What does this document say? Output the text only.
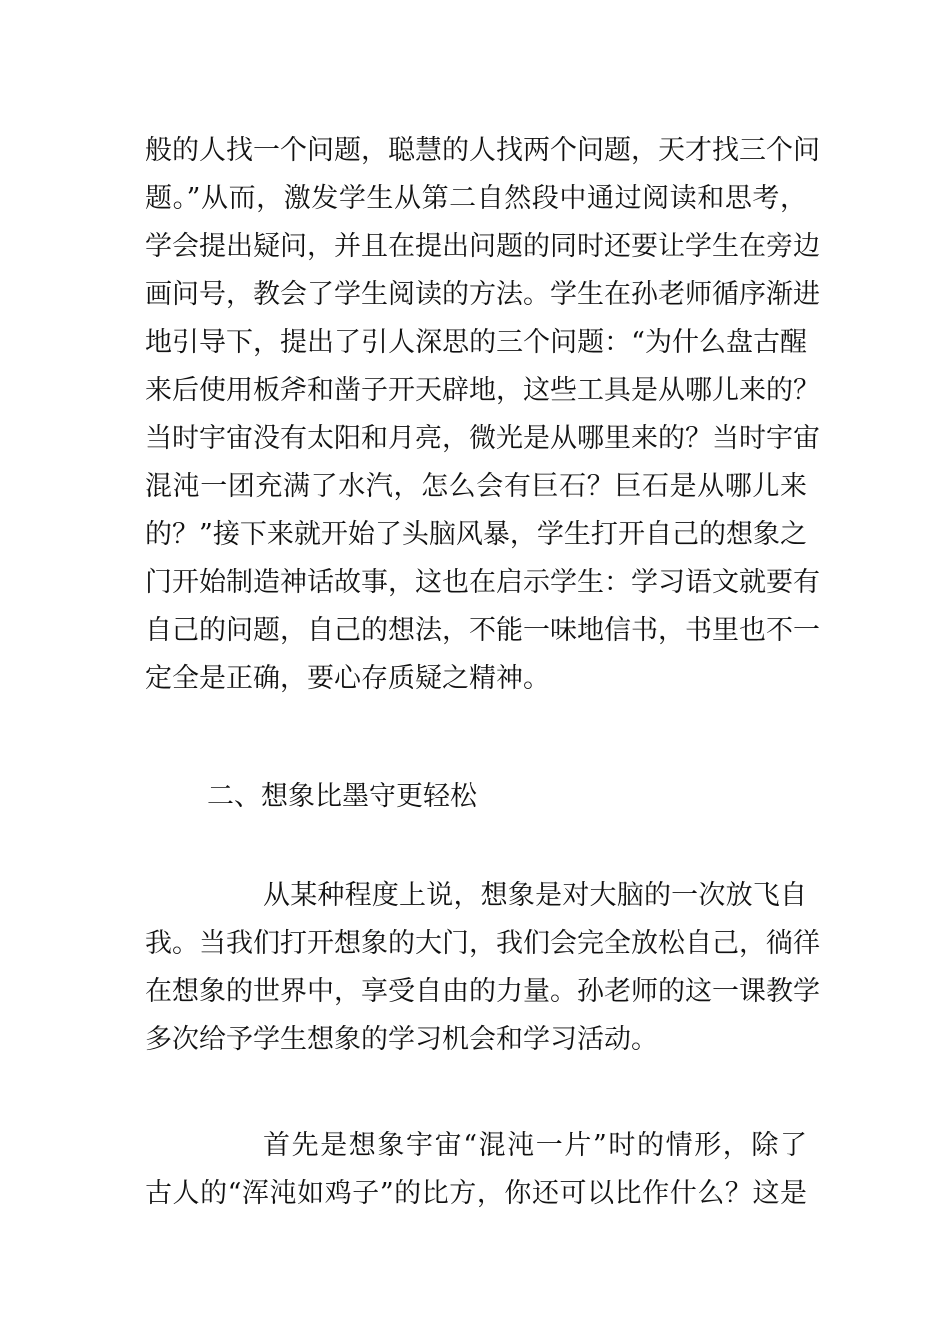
般的人找一个问题，聪慧的人找两个问题，天才找三个问
题。”从而，激发学生从第二自然段中通过阅读和思考，
学会提出疑问，并且在提出问题的同时还要让学生在旁边
画问号，教会了学生阅读的方法。学生在孙老师循序渐进
地引导下，提出了引人深思的三个问题：“为什么盘古醒
来后使用板斧和凿子开天辟地，这些工具是从哪儿来的？
当时宇宙没有太阳和月亮，微光是从哪里来的？当时宇宙
混沌一团充满了水汽，怎么会有巨石？巨石是从哪儿来
的？”接下来就开始了头脑风暴，学生打开自己的想象之
门开始制造神话故事，这也在启示学生：学习语文就要有
自己的问题，自己的想法，不能一味地信书，书里也不一
定全是正确，要心存质疑之精神。
二、想象比墨守更轻松
从某种程度上说，想象是对大脑的一次放飞自
我。当我们打开想象的大门，我们会完全放松自己，徜徉
在想象的世界中，享受自由的力量。孙老师的这一课教学
多次给予学生想象的学习机会和学习活动。
首先是想象宇宙“混沌一片”时的情形，除了
古人的“浑沌如鸡子”的比方，你还可以比作什么？这是
